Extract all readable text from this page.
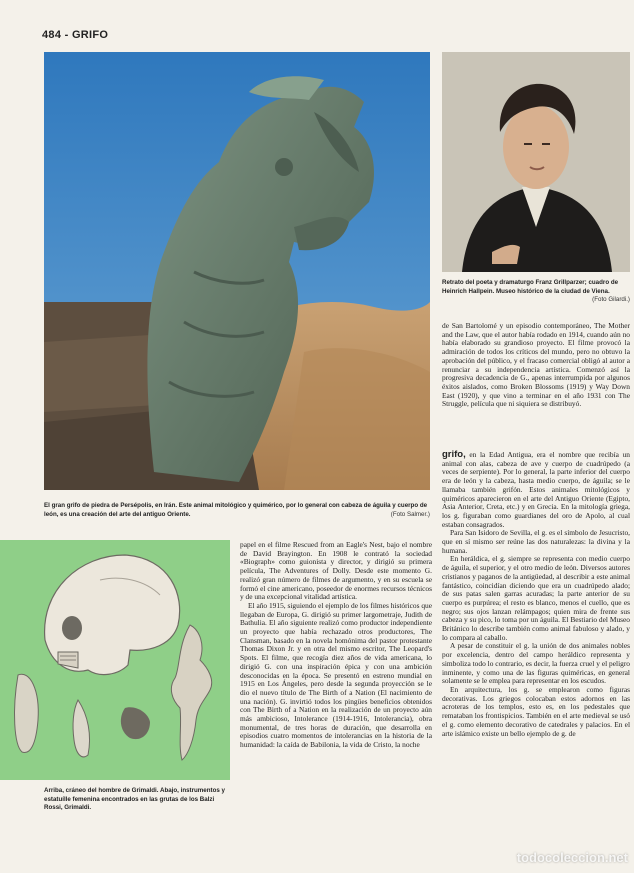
484 - GRIFO
Retrato del poeta y dramaturgo Franz Grillparzer; cuadro de Heinrich Hallpein. Museo histórico de la ciudad de Viena.
(Foto Gilardi.)

de San Bartolomé y un episodio contemporáneo, The Mother and the Law, que el autor había rodado en 1914, cuando aún no había elaborado su grandioso proyecto. El filme provocó la admiración de todos los críticos del mundo, pero no obtuvo la aprobación del público, y el fracaso comercial obligó al autor a renunciar a su independencia artística. Comenzó así la progresiva decadencia de G., apenas interrumpida por algunos éxitos aislados, como Broken Blossoms (1919) y Way Down East (1920), y que vino a terminar en el año 1931 con The Struggle, película que ni siquiera se distribuyó.

El gran grifo de piedra de Persépolis, en Irán. Este animal mitológico y quimérico, por lo general con cabeza de águila y cuerpo de león, es una creación del arte del antiguo Oriente.	(Foto Salmer.)

grifo, en la Edad Antigua, era el nombre que recibía un animal con alas, cabeza de ave y cuerpo de cuadrúpedo (a veces de serpiente). Por lo general, la parte inferior del cuerpo era de león y la cabeza, hasta medio cuerpo, de águila; se le llamaba también grifón. Estos animales mitológicos y quiméricos aparecieron en el arte del Antiguo Oriente (Egipto, Asia Anterior, Creta, etc.) y en Grecia. En la mitología griega, los g. figuraban como guardianes del oro de Apolo, al cual estaban consagrados.

Para San Isidoro de Sevilla, el g. es el símbolo de Jesucristo, que en sí mismo ser reúne las dos naturalezas: la divina y la humana.

En heráldica, el g. siempre se representa con medio cuerpo de águila, el superior, y el otro medio de león. Diversos autores cristianos y paganos de la antigüedad, al describir a este animal fantástico, coincidían diciendo que era un cuadrúpedo alado; de sus patas salen garras acuradas; la parte anterior de su cuerpo es purpúrea; el resto es blanco, menos el cuello, que es negro; sus ojos lanzan relámpagos; quien mira de frente sus cabeza y su pico, lo toma por un águila. El Bestiario del Museo Británico lo describe también como animal fabuloso y alado, y lo compara al caballo.

A pesar de constituir el g. la unión de dos animales nobles por excelencia, dentro del campo heráldico representa y simboliza todo lo contrario, es decir, la fuerza cruel y el peligro inminente, y como una de las figuras quiméricas, en general solamente se le emplea para representar en los escudos.

En arquitectura, los g. se emplearon como figuras decorativas. Los griegos colocaban estos adornos en las acroteras de los templos, esto es, en los pedestales que remataban los frontispicios. También en el arte medieval se usó el g. como elemento decorativo de catedrales y palacios. En el arte islámico existe un bello ejemplo de g. de

Arriba, cráneo del hombre de Grimaldi. Abajo, instrumentos y estatuílle femenina encontrados en las grutas de los Balzi Rossi, Grimaldi.

papel en el filme Rescued from an Eagle's Nest, bajo el nombre de David Brayington. En 1908 le contrató la sociedad «Biograph» como guionista y director, y dirigió su primera película, The Adventures of Dolly. Desde este momento G. realizó gran número de filmes de argumento, y en su escuela se formó el cine americano, poseedor de enormes recursos técnicos y de una excepcional vitalidad artística.

El año 1915, siguiendo el ejemplo de los filmes históricos que llegaban de Europa, G. dirigió su primer largometraje, Judith de Bathulia. El año siguiente realizó como productor independiente un proyecto que había rechazado otros productores, The Clansman, basado en la novela homónima del pastor protestante Thomas Dixon Jr. y en otra del mismo escritor, The Leopard's Spots. El filme, que recogía diez años de vida americana, lo dirigió G. con una inspiración épica y con una ambición desconocidas en la época. Se presentó en estreno mundial en 1915 en Los Ángeles, pero desde la segunda proyección se le dio el nuevo título de The Birth of a Nation (El nacimiento de una nación). G. invirtió todos los pingües beneficios obtenidos con The Birth of a Nation en la realización de un proyecto aún más ambicioso, Intolerance (1914-1916, Intolerancia), obra monumental, de tres horas de duración, que desarrolla en episodios cuatro momentos de intolerancias en la historia de la humanidad: la caída de Babilonia, la vida de Cristo, la noche

todocoleccion.net
